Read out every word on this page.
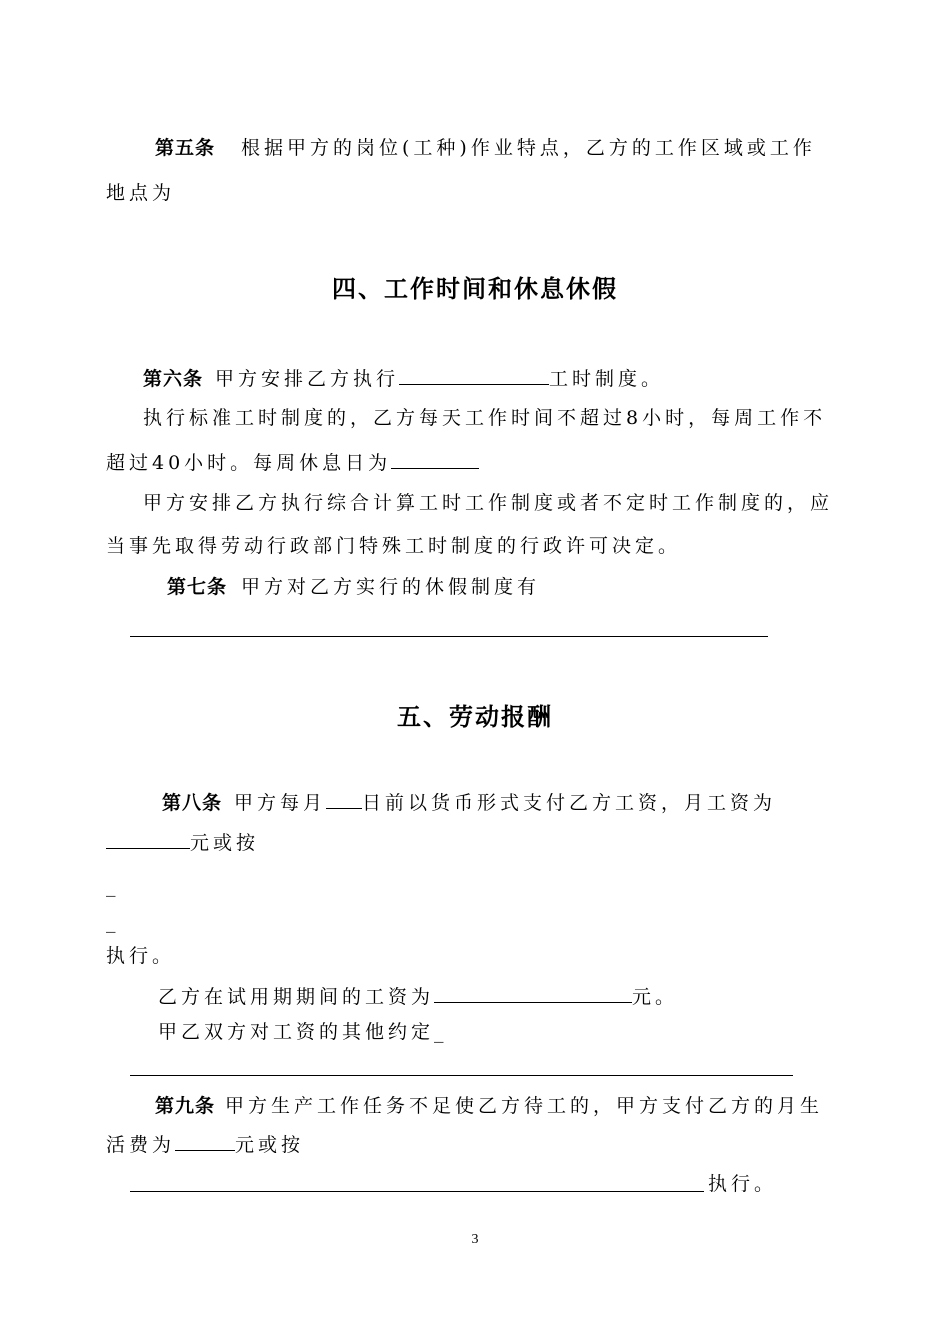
第五条 根据甲方的岗位(工种)作业特点，乙方的工作区域或工作
地点为
四、工作时间和休息休假
第六条 甲方安排乙方执行	工时制度。
执行标准工时制度的，乙方每天工作时间不超过8小时，每周工作不
超过40小时。每周休息日为
甲方安排乙方执行综合计算工时工作制度或者不定时工作制度的，应
当事先取得劳动行政部门特殊工时制度的行政许可决定。
第七条 甲方对乙方实行的休假制度有
五、劳动报酬
第八条 甲方每月 日前以货币形式支付乙方工资，月工资为
元或按
_
_
执行。
乙方在试用期期间的工资为	元。
甲乙双方对工资的其他约定_
第九条 甲方生产工作任务不足使乙方待工的，甲方支付乙方的月生
活费为	元或按
执行。
3
